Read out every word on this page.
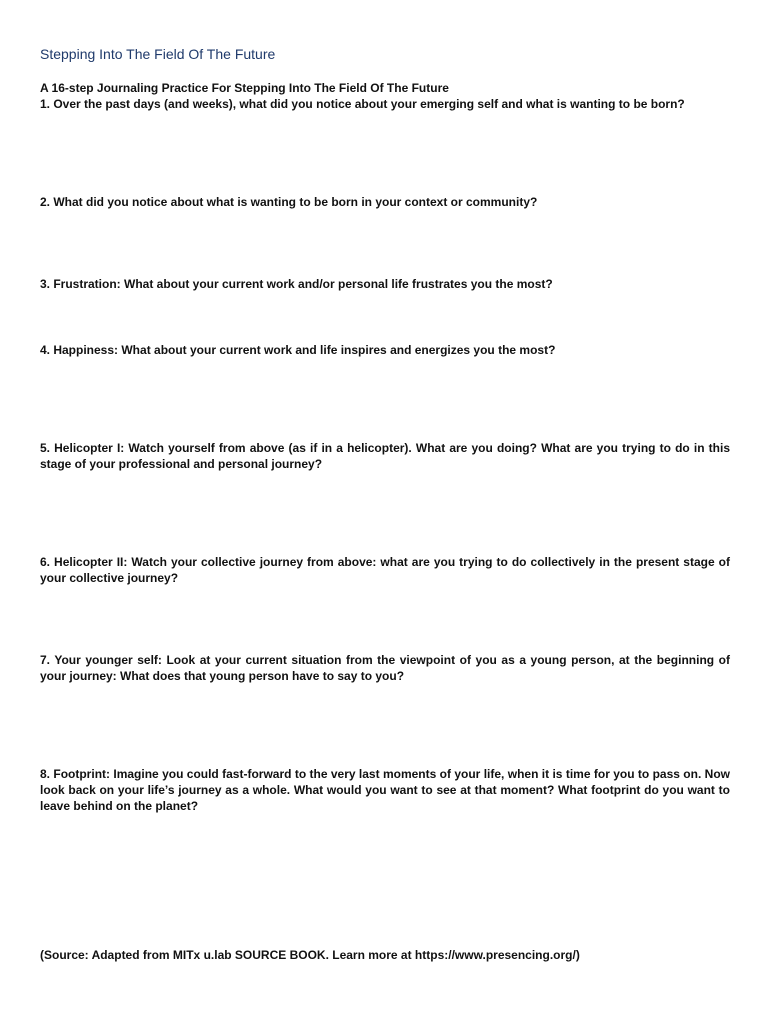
Stepping Into The Field Of The Future
A 16-step Journaling Practice For Stepping Into The Field Of The Future
1. Over the past days (and weeks), what did you notice about your emerging self and what is wanting to be born?
2. What did you notice about what is wanting to be born in your context or community?
3. Frustration: What about your current work and/or personal life frustrates you the most?
4. Happiness: What about your current work and life inspires and energizes you the most?
5. Helicopter I: Watch yourself from above (as if in a helicopter). What are you doing? What are you trying to do in this stage of your professional and personal journey?
6. Helicopter II: Watch your collective journey from above: what are you trying to do collectively in the present stage of your collective journey?
7. Your younger self: Look at your current situation from the viewpoint of you as a young person, at the beginning of your journey: What does that young person have to say to you?
8. Footprint: Imagine you could fast-forward to the very last moments of your life, when it is time for you to pass on. Now look back on your life’s journey as a whole. What would you want to see at that moment? What footprint do you want to leave behind on the planet?
(Source: Adapted from MITx u.lab SOURCE BOOK. Learn more at https://www.presencing.org/)
